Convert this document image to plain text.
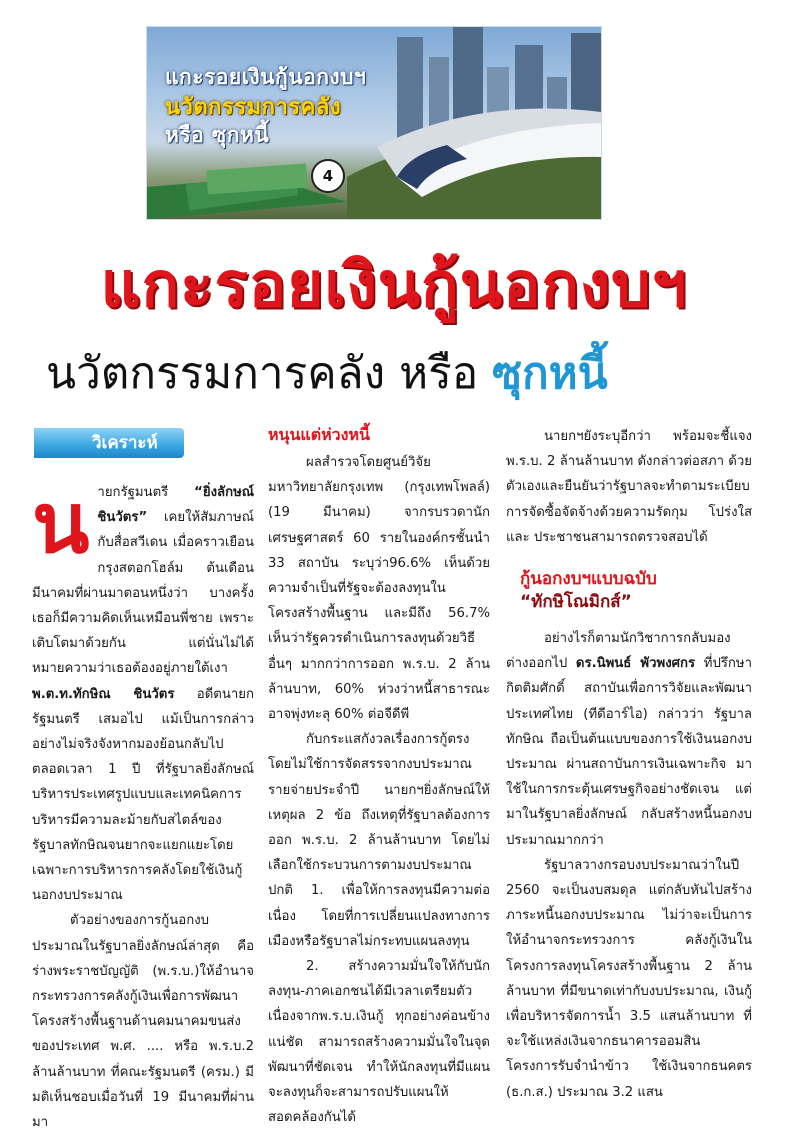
แกะรอยเงินกู้นอกงบฯ
นวัตกรรมการคลัง
หรือ ซุกหนี้
4
แกะรอยเงินกู้นอกงบฯ
นวัตกรรมการคลัง หรือ ซุกหนี้
วิเคราะห์

นายกรัฐมนตรี “ยิ่งลักษณ์ ชินวัตร” เคยให้สัมภาษณ์กับสื่อสวีเดน เมื่อคราวเยือนกรุงสตอกโฮล์ม ต้นเดือนมีนาคมที่ผ่านมาตอนหนึ่งว่า บางครั้งเธอก็มีความคิดเห็นเหมือนพี่ชาย เพราะเติบโตมาด้วยกัน แต่นั่นไม่ได้หมายความว่าเธอต้องอยู่ภายใต้เงา พ.ต.ท.ทักษิณ ชินวัตร อดีตนายกรัฐมนตรี เสมอไป แม้เป็นการกล่าวอย่างไม่จริงจังหากมองย้อนกลับไปตลอดเวลา 1 ปี ที่รัฐบาลยิ่งลักษณ์บริหารประเทศรูปแบบและเทคนิคการบริหารมีความละม้ายกับสไตล์ของรัฐบาลทักษิณจนยากจะแยกแยะโดยเฉพาะการบริหารการคลังโดยใช้เงินกู้นอกงบประมาณ

ตัวอย่างของการกู้นอกงบประมาณในรัฐบาลยิ่งลักษณ์ล่าสุด คือ ร่างพระราชบัญญัติ (พ.ร.บ.)ให้อำนาจกระทรวงการคลังกู้เงินเพื่อการพัฒนาโครงสร้างพื้นฐานด้านคมนาคมขนส่งของประเทศ พ.ศ. .... หรือ พ.ร.บ.2 ล้านล้านบาท ที่คณะรัฐมนตรี (ครม.) มีมติเห็นชอบเมื่อวันที่ 19 มีนาคมที่ผ่านมา

หนุนแต่ห่วงหนี้

ผลสำรวจโดยศูนย์วิจัยมหาวิทยาลัยกรุงเทพ (กรุงเทพโพลล์) (19 มีนาคม) จากรบรวดานักเศรษฐศาสตร์ 60 รายในองค์กรชั้นนำ 33 สถาบัน ระบุว่า96.6% เห็นด้วยความจำเป็นที่รัฐจะต้องลงทุนในโครงสร้างพื้นฐาน และมีถึง 56.7% เห็นว่ารัฐควรดำเนินการลงทุนด้วยวิธีอื่นๆ มากกว่าการออก พ.ร.บ. 2 ล้านล้านบาท, 60% ห่วงว่าหนี้สาธารณะอาจพุ่งทะลุ 60% ต่อจีดีพี

กับกระแสกังวลเรื่องการกู้ตรงโดยไม่ใช้การจัดสรรจากงบประมาณรายจ่ายประจำปี นายกฯยิ่งลักษณ์ให้เหตุผล 2 ข้อ ถึงเหตุที่รัฐบาลต้องการออก พ.ร.บ. 2 ล้านล้านบาท โดยไม่เลือกใช้กระบวนการตามงบประมาณปกติ 1. เพื่อให้การลงทุนมีความต่อเนื่อง โดยที่การเปลี่ยนแปลงทางการเมืองหรือรัฐบาลไม่กระทบแผนลงทุน

2. สร้างความมั่นใจให้กับนักลงทุน-ภาคเอกชนได้มีเวลาเตรียมตัว เนื่องจากพ.ร.บ.เงินกู้ ทุกอย่างค่อนข้างแน่ชัด สามารถสร้างความมั่นใจในจุดพัฒนาที่ชัดเจน ทำให้นักลงทุนที่มีแผนจะลงทุนก็จะสามารถปรับแผนให้สอดคล้องกันได้

นายกฯยังระบุอีกว่า พร้อมจะชี้แจง พ.ร.บ. 2 ล้านล้านบาท ดังกล่าวต่อสภา ด้วยตัวเองและยืนยันว่ารัฐบาลจะทำตามระเบียบการจัดซื้อจัดจ้างด้วยความรัดกุม โปร่งใส และ ประชาชนสามารถตรวจสอบได้

กู้นอกงบฯแบบฉบับ
“ทักษิโณมิกส์”

อย่างไรก็ตามนักวิชาการกลับมองต่างออกไป ดร.นิพนธ์ พัวพงศกร ที่ปรึกษากิตติมศักดิ์ สถาบันเพื่อการวิจัยและพัฒนาประเทศไทย (ทีดีอาร์ไอ) กล่าวว่า รัฐบาลทักษิณ ถือเป็นต้นแบบของการใช้เงินนอกงบประมาณ ผ่านสถาบันการเงินเฉพาะกิจ มาใช้ในการกระตุ้นเศรษฐกิจอย่างชัดเจน แต่มาในรัฐบาลยิ่งลักษณ์ กลับสร้างหนี้นอกงบประมาณมากกว่า

รัฐบาลวางกรอบงบประมาณว่าในปี 2560 จะเป็นงบสมดุล แต่กลับหันไปสร้างภาระหนี้นอกงบประมาณ ไม่ว่าจะเป็นการให้อำนาจกระทรวงการ คลังกู้เงินในโครงการลงทุนโครงสร้างพื้นฐาน 2 ล้านล้านบาท ที่มีขนาดเท่ากับงบประมาณ, เงินกู้เพื่อบริหารจัดการน้ำ 3.5 แสนล้านบาท ที่จะใช้แหล่งเงินจากธนาคารออมสิน โครงการรับจำนำข้าว ใช้เงินจากธนคตร (ธ.ก.ส.) ประมาณ 3.2 แสน
